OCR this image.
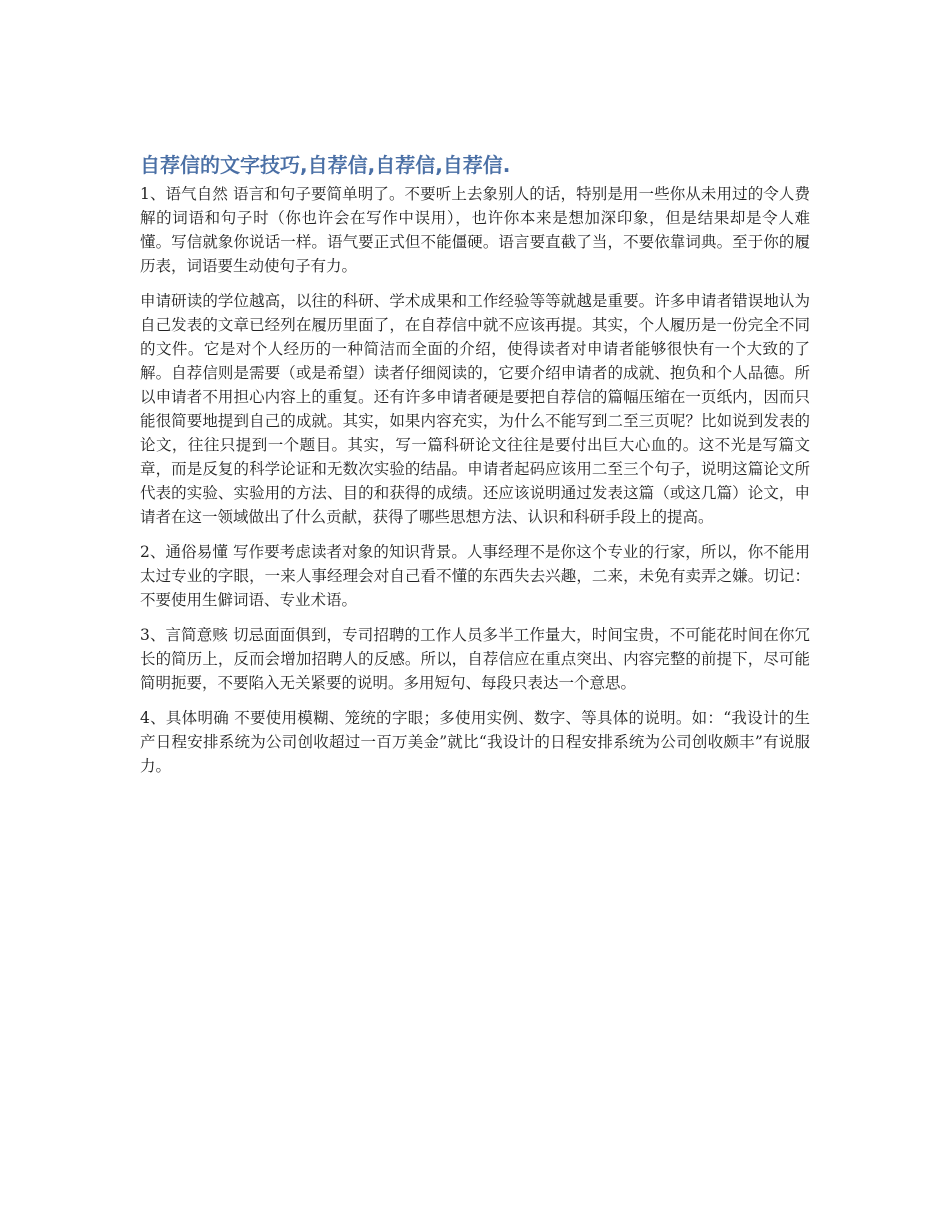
自荐信的文字技巧,自荐信,自荐信,自荐信.

1、语气自然 语言和句子要简单明了。不要听上去象别人的话，特别是用一些你从未用过的令人费解的词语和句子时（你也许会在写作中误用），也许你本来是想加深印象，但是结果却是令人难懂。写信就象你说话一样。语气要正式但不能僵硬。语言要直截了当，不要依靠词典。至于你的履历表，词语要生动使句子有力。

申请研读的学位越高，以往的科研、学术成果和工作经验等等就越是重要。许多申请者错误地认为自己发表的文章已经列在履历里面了，在自荐信中就不应该再提。其实，个人履历是一份完全不同的文件。它是对个人经历的一种简洁而全面的介绍，使得读者对申请者能够很快有一个大致的了解。自荐信则是需要（或是希望）读者仔细阅读的，它要介绍申请者的成就、抱负和个人品德。所以申请者不用担心内容上的重复。还有许多申请者硬是要把自荐信的篇幅压缩在一页纸内，因而只能很简要地提到自己的成就。其实，如果内容充实，为什么不能写到二至三页呢？比如说到发表的论文，往往只提到一个题目。其实，写一篇科研论文往往是要付出巨大心血的。这不光是写篇文章，而是反复的科学论证和无数次实验的结晶。申请者起码应该用二至三个句子，说明这篇论文所代表的实验、实验用的方法、目的和获得的成绩。还应该说明通过发表这篇（或这几篇）论文，申请者在这一领域做出了什么贡献，获得了哪些思想方法、认识和科研手段上的提高。

2、通俗易懂 写作要考虑读者对象的知识背景。人事经理不是你这个专业的行家，所以，你不能用太过专业的字眼，一来人事经理会对自己看不懂的东西失去兴趣，二来，未免有卖弄之嫌。切记：不要使用生僻词语、专业术语。

3、言简意赅 切忌面面俱到，专司招聘的工作人员多半工作量大，时间宝贵，不可能花时间在你冗长的简历上，反而会增加招聘人的反感。所以，自荐信应在重点突出、内容完整的前提下，尽可能简明扼要，不要陷入无关紧要的说明。多用短句、每段只表达一个意思。

4、具体明确 不要使用模糊、笼统的字眼；多使用实例、数字、等具体的说明。如：“我设计的生产日程安排系统为公司创收超过一百万美金”就比“我设计的日程安排系统为公司创收颇丰”有说服力。
